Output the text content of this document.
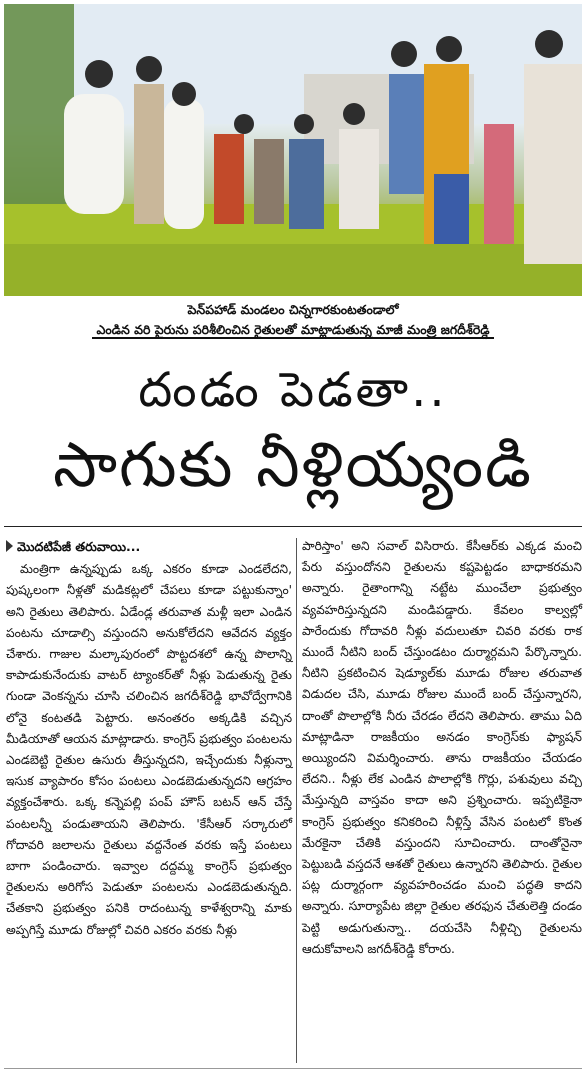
పెన్‌పహాడ్ మండలం చిన్నగారకుంటతండాలో
ఎండిన వరి పైరును పరిశీలించిన రైతులతో మాట్లాడుతున్న మాజీ మంత్రి జగదీశ్‌రెడ్డి
దండం పెడతా..
సాగుకు నీళ్లియ్యండి
మొదటిపేజీ తరువాయి...

మంత్రిగా ఉన్నప్పుడు ఒక్క ఎకరం కూడా ఎండలేదని, పుష్కలంగా నీళ్లతో మడికట్లలో చేపలు కూడా పట్టుకున్నాం' అని రైతులు తెలిపారు. ఏడేండ్ల తరువాత మళ్లీ ఇలా ఎండిన పంటను చూడాల్సి వస్తుందని అనుకోలేదని ఆవేదన వ్యక్తం చేశారు. గాజుల మల్కాపురంలో పొట్టదశలో ఉన్న పొలాన్ని కాపాడుకునేందుకు వాటర్ ట్యాంకర్‌తో నీళ్లు పెడుతున్న రైతు గుండా వెంకన్నను చూసి చలించిన జగదీశ్‌రెడ్డి భావోద్వేగానికి లోనై కంటతడి పెట్టారు. అనంతరం అక్కడికి వచ్చిన మీడియాతో ఆయన మాట్లాడారు. కాంగ్రెస్ ప్రభుత్వం పంటలను ఎండబెట్టి రైతుల ఉసురు తీస్తున్నదని, ఇచ్చేందుకు నీళ్లున్నా ఇసుక వ్యాపారం కోసం పంటలు ఎండబెడుతున్నదని ఆగ్రహం వ్యక్తంచేశారు. ఒక్క కన్నెపల్లి పంప్ హౌస్ బటన్ ఆన్ చేస్తే పంటలన్నీ పండుతాయని తెలిపారు. 'కేసీఆర్ సర్కారులో గోదావరి జలాలను రైతులు వద్దనేంత వరకు ఇస్తే పంటలు బాగా పండించారు. ఇవ్వాల దద్దమ్మ కాంగ్రెస్ ప్రభుత్వం రైతులను అరిగోస పెడుతూ పంటలను ఎండబెడుతున్నది. చేతకాని ప్రభుత్వం పనికి రాదంటున్న కాళేశ్వరాన్ని మాకు అప్పగిస్తే మూడు రోజుల్లో చివరి ఎకరం వరకు నీళ్లు

పారిస్తాం' అని సవాల్ విసిరారు. కేసీఆర్‌కు ఎక్కడ మంచి పేరు వస్తుందోనని రైతులను కష్టపెట్టడం బాధాకరమని అన్నారు. రైతాంగాన్ని నట్టేట ముంచేలా ప్రభుత్వం వ్యవహరిస్తున్నదని మండిపడ్డారు. కేవలం కాల్వల్లో పారేందుకు గోదావరి నీళ్లు వదులుతూ చివరి వరకు రాక ముందే నీటిని బంద్ చేస్తుండటం దుర్మార్గమని పేర్కొన్నారు. నీటిని ప్రకటించిన షెడ్యూల్‌కు మూడు రోజుల తరువాత విడుదల చేసి, మూడు రోజుల ముందే బంద్ చేస్తున్నారని, దాంతో పొలాల్లోకి నీరు చేరడం లేదని తెలిపారు. తాము ఏది మాట్లాడినా రాజకీయం అనడం కాంగ్రెస్‌కు ఫ్యాషన్ అయ్యిందని విమర్శించారు. తాను రాజకీయం చేయడం లేదని.. నీళ్లు లేక ఎండిన పొలాల్లోకి గొర్లు, పశువులు వచ్చి మేస్తున్నది వాస్తవం కాదా అని ప్రశ్నించారు. ఇప్పటికైనా కాంగ్రెస్ ప్రభుత్వం కనికరించి నీళ్లిస్తే వేసిన పంటలో కొంత మేరకైనా చేతికి వస్తుందని సూచించారు. దాంతోనైనా పెట్టుబడి వస్తదనే ఆశతో రైతులు ఉన్నారని తెలిపారు. రైతుల పట్ల దుర్మార్గంగా వ్యవహరించడం మంచి పద్ధతి కాదని అన్నారు. సూర్యాపేట జిల్లా రైతుల తరఫున చేతులెత్తి దండం పెట్టి అడుగుతున్నా.. దయచేసి నీళ్లిచ్చి రైతులను ఆదుకోవాలని జగదీశ్‌రెడ్డి కోరారు.
